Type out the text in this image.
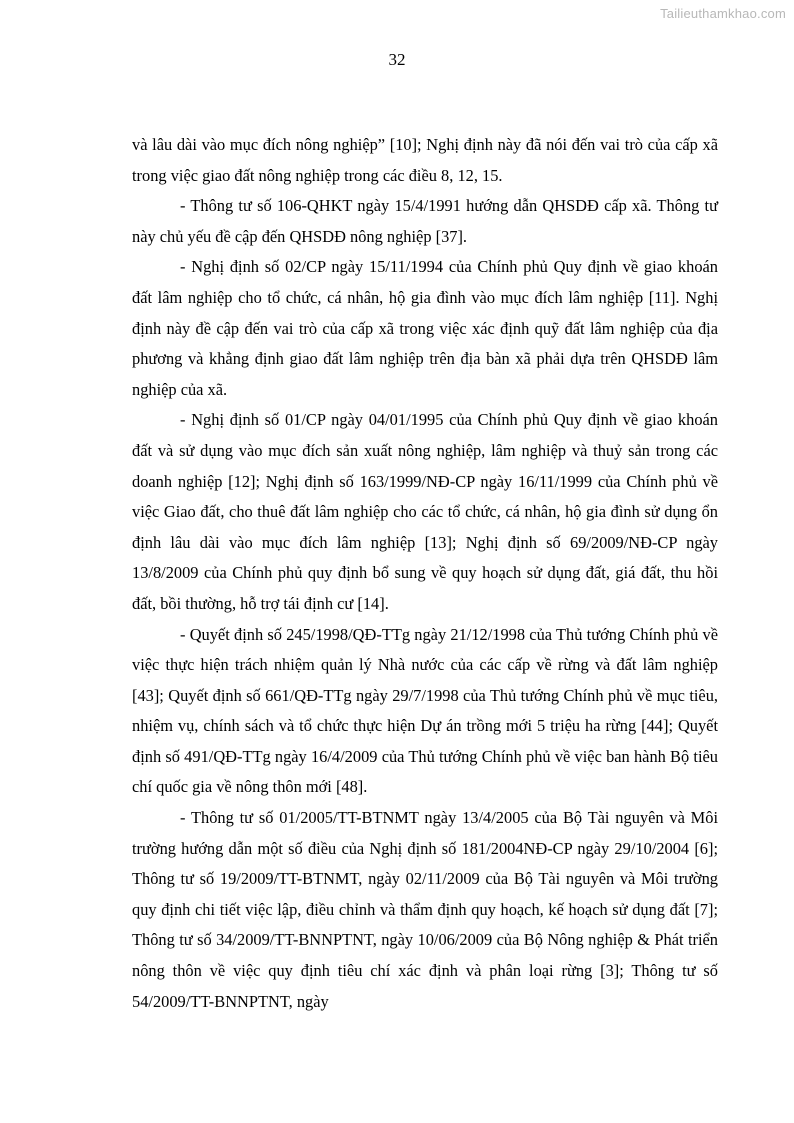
Tailieuthamkhao.com
32

và lâu dài vào mục đích nông nghiệp” [10]; Nghị định này đã nói đến vai trò của cấp xã trong việc giao đất nông nghiệp trong các điều 8, 12, 15.

- Thông tư số 106-QHKT ngày 15/4/1991 hướng dẫn QHSDĐ cấp xã. Thông tư này chủ yếu đề cập đến QHSDĐ nông nghiệp [37].

- Nghị định số 02/CP ngày 15/11/1994 của Chính phủ Quy định về giao khoán đất lâm nghiệp cho tổ chức, cá nhân, hộ gia đình vào mục đích lâm nghiệp [11]. Nghị định này đề cập đến vai trò của cấp xã trong việc xác định quỹ đất lâm nghiệp của địa phương và khẳng định giao đất lâm nghiệp trên địa bàn xã phải dựa trên QHSDĐ lâm nghiệp của xã.

- Nghị định số 01/CP ngày 04/01/1995 của Chính phủ Quy định về giao khoán đất và sử dụng vào mục đích sản xuất nông nghiệp, lâm nghiệp và thuỷ sản trong các doanh nghiệp [12]; Nghị định số 163/1999/NĐ-CP ngày 16/11/1999 của Chính phủ về việc Giao đất, cho thuê đất lâm nghiệp cho các tổ chức, cá nhân, hộ gia đình sử dụng ổn định lâu dài vào mục đích lâm nghiệp [13]; Nghị định số 69/2009/NĐ-CP ngày 13/8/2009 của Chính phủ quy định bổ sung về quy hoạch sử dụng đất, giá đất, thu hồi đất, bồi thường, hỗ trợ tái định cư [14].

- Quyết định số 245/1998/QĐ-TTg ngày 21/12/1998 của Thủ tướng Chính phủ về việc thực hiện trách nhiệm quản lý Nhà nước của các cấp về rừng và đất lâm nghiệp [43]; Quyết định số 661/QĐ-TTg ngày 29/7/1998 của Thủ tướng Chính phủ về mục tiêu, nhiệm vụ, chính sách và tổ chức thực hiện Dự án trồng mới 5 triệu ha rừng [44]; Quyết định số 491/QĐ-TTg ngày 16/4/2009 của Thủ tướng Chính phủ về việc ban hành Bộ tiêu chí quốc gia về nông thôn mới [48].

- Thông tư số 01/2005/TT-BTNMT ngày 13/4/2005 của Bộ Tài nguyên và Môi trường hướng dẫn một số điều của Nghị định số 181/2004NĐ-CP ngày 29/10/2004 [6]; Thông tư số 19/2009/TT-BTNMT, ngày 02/11/2009 của Bộ Tài nguyên và Môi trường quy định chi tiết việc lập, điều chỉnh và thẩm định quy hoạch, kế hoạch sử dụng đất [7]; Thông tư số 34/2009/TT-BNNPTNT, ngày 10/06/2009 của Bộ Nông nghiệp & Phát triển nông thôn về việc quy định tiêu chí xác định và phân loại rừng [3]; Thông tư số 54/2009/TT-BNNPTNT, ngày
